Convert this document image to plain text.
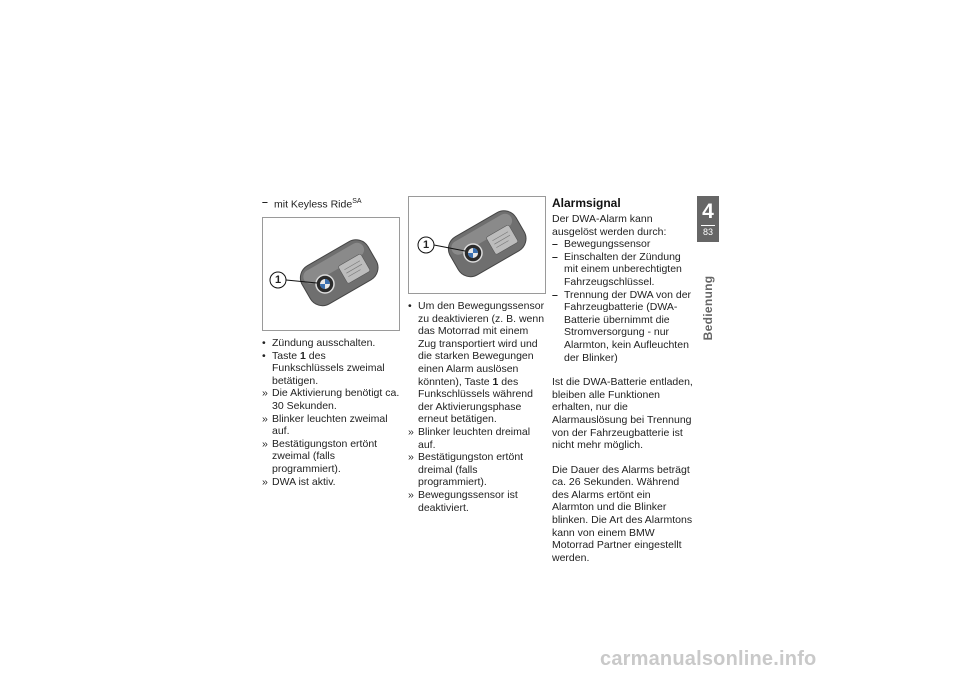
– mit Keyless Ride$^{SA}$

1
• Zündung ausschalten.
• Taste 1 des Funkschlüssels zweimal betätigen.
» Die Aktivierung benötigt ca. 30 Sekunden.
» Blinker leuchten zweimal auf.
» Bestätigungston ertönt zweimal (falls programmiert).
» DWA ist aktiv.
1
• Um den Bewegungssensor zu deaktivieren (z. B. wenn das Motorrad mit einem Zug transportiert wird und die starken Bewegungen einen Alarm auslösen könnten), Taste 1 des Funkschlüssels während der Aktivierungsphase erneut betätigen.
» Blinker leuchten dreimal auf.
» Bestätigungston ertönt dreimal (falls programmiert).
» Bewegungssensor ist deaktiviert.
Alarmsignal

Der DWA-Alarm kann ausgelöst werden durch:

– Bewegungssensor

– Einschalten der Zündung mit einem unberechtigten Fahrzeugschlüssel.

– Trennung der DWA von der Fahrzeugbatterie (DWA-Batterie übernimmt die Stromversorgung - nur Alarmton, kein Aufleuchten der Blinker)

Ist die DWA-Batterie entladen, bleiben alle Funktionen erhalten, nur die Alarmauslösung bei Trennung von der Fahrzeugbatterie ist nicht mehr möglich.

Die Dauer des Alarms beträgt ca. 26 Sekunden. Während des Alarms ertönt ein Alarmton und die Blinker blinken. Die Art des Alarmtons kann von einem BMW Motorrad Partner eingestellt werden.

4
83
Bedienung
carmanualsonline.info
